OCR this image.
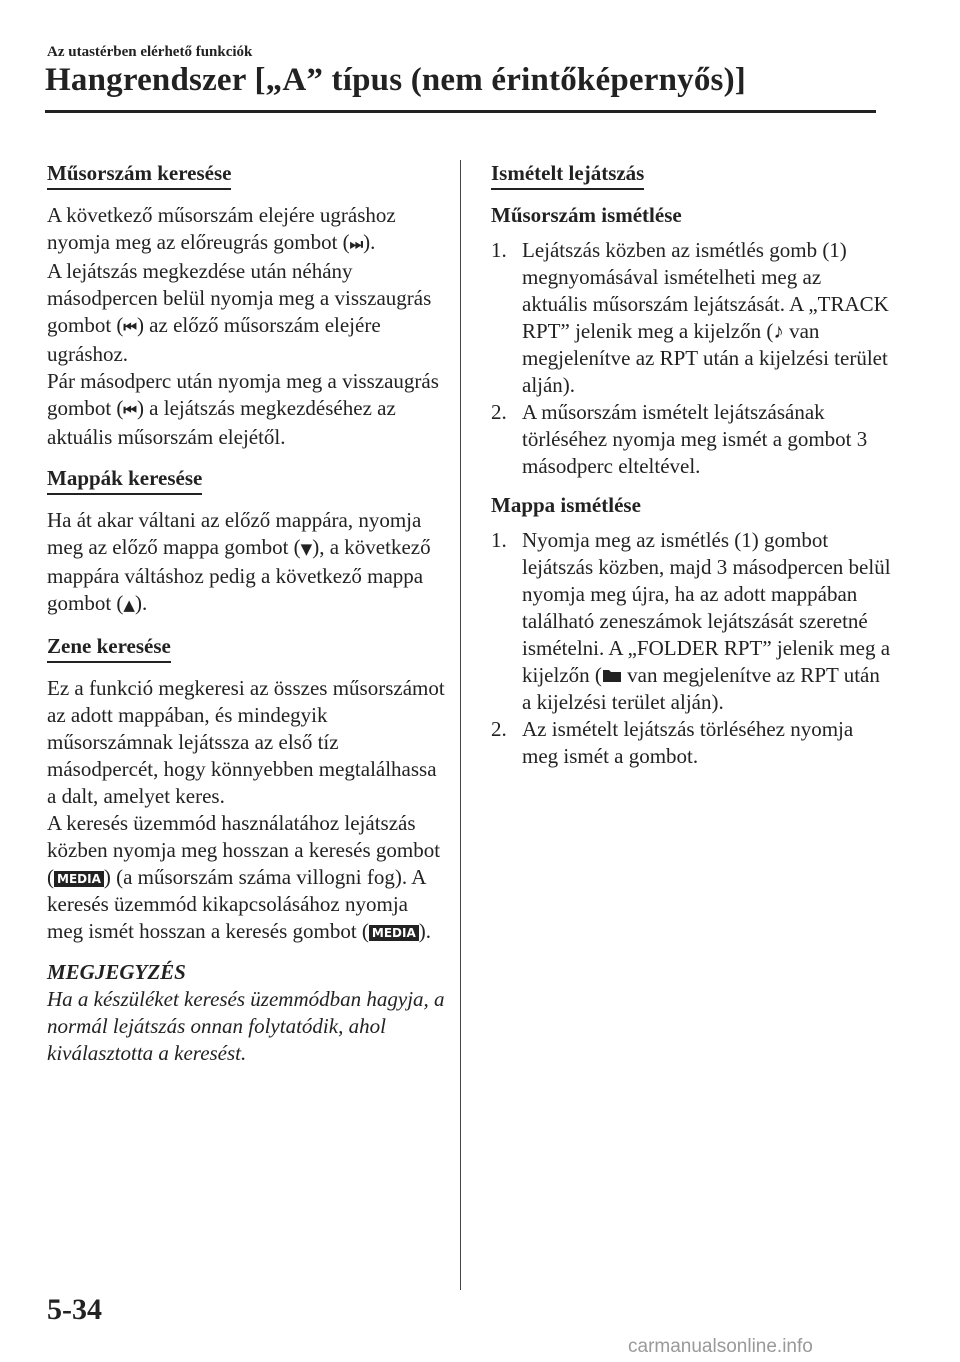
Az utastérben elérhető funkciók
Hangrendszer [„A” típus (nem érintőképernyős)]
Műsorszám keresése

A következő műsorszám elejére ugráshoz nyomja meg az előreugrás gombot (⏭).

A lejátszás megkezdése után néhány másodpercen belül nyomja meg a visszaugrás gombot (⏮) az előző műsorszám elejére ugráshoz.

Pár másodperc után nyomja meg a visszaugrás gombot (⏮) a lejátszás megkezdéséhez az aktuális műsorszám elejétől.

Mappák keresése

Ha át akar váltani az előző mappára, nyomja meg az előző mappa gombot (▼), a következő mappára váltáshoz pedig a következő mappa gombot (▲).

Zene keresése

Ez a funkció megkeresi az összes műsorszámot az adott mappában, és mindegyik műsorszámnak lejátssza az első tíz másodpercét, hogy könnyebben megtalálhassa a dalt, amelyet keres.

A keresés üzemmód használatához lejátszás közben nyomja meg hosszan a keresés gombot ( MEDIA ) (a műsorszám száma villogni fog). A keresés üzemmód kikapcsolásához nyomja meg ismét hosszan a keresés gombot ( MEDIA ).

MEGJEGYZÉS
Ha a készüléket keresés üzemmódban hagyja, a normál lejátszás onnan folytatódik, ahol kiválasztotta a keresést.
Ismételt lejátszás
Műsorszám ismétlése
1. Lejátszás közben az ismétlés gomb (1) megnyomásával ismételheti meg az aktuális műsorszám lejátszását. A „TRACK RPT” jelenik meg a kijelzőn (♪ van megjelenítve az RPT után a kijelzési terület alján).
2. A műsorszám ismételt lejátszásának törléséhez nyomja meg ismét a gombot 3 másodperc elteltével.
Mappa ismétlése
1. Nyomja meg az ismétlés (1) gombot lejátszás közben, majd 3 másodpercen belül nyomja meg újra, ha az adott mappában található zeneszámok lejátszását szeretné ismételni. A „FOLDER RPT” jelenik meg a kijelzőn ( van megjelenítve az RPT után a kijelzési terület alján).
2. Az ismételt lejátszás törléséhez nyomja meg ismét a gombot.
5-34
carmanualsonline.info
